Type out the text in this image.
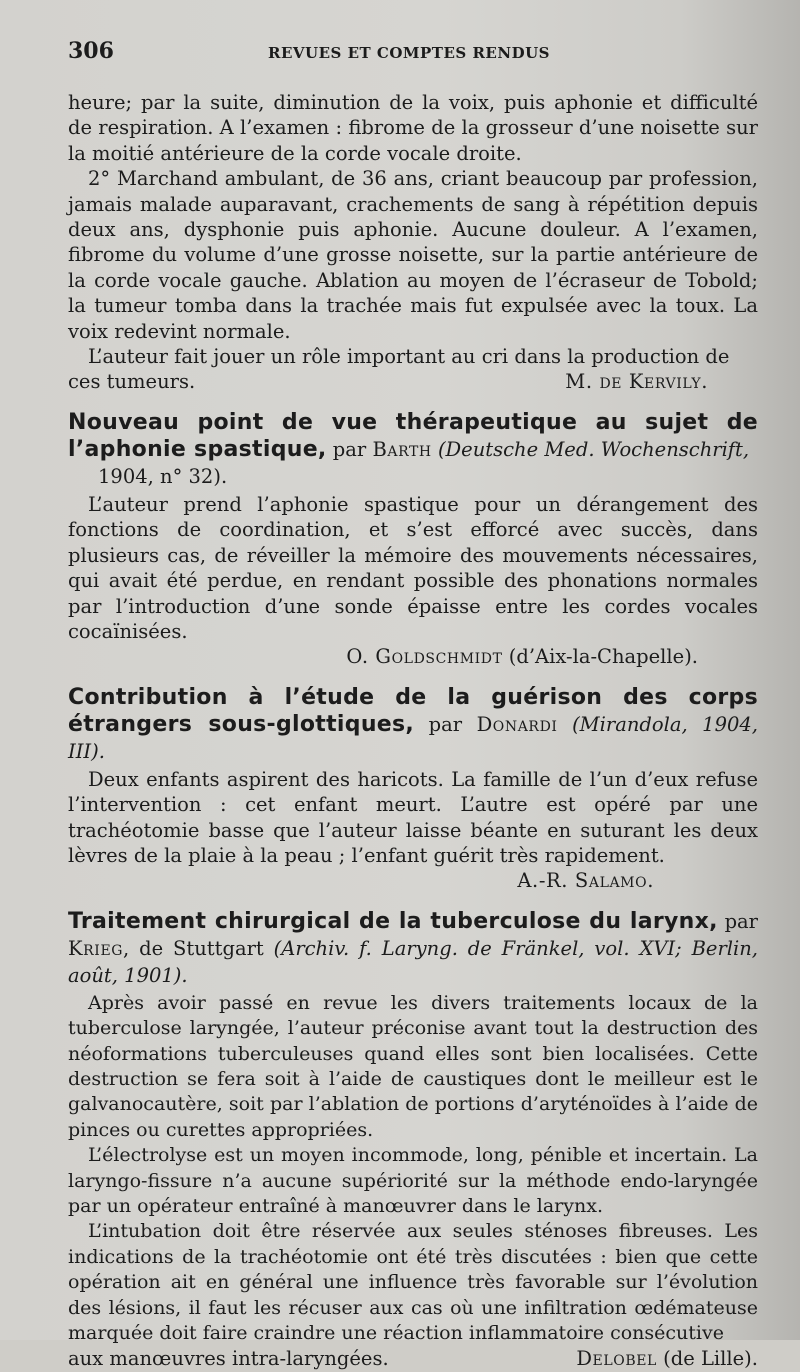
306	REVUES ET COMPTES RENDUS

heure; par la suite, diminution de la voix, puis aphonie et difficulté de respiration. A l’examen : fibrome de la grosseur d’une noisette sur la moitié antérieure de la corde vocale droite.

2° Marchand ambulant, de 36 ans, criant beaucoup par profession, jamais malade auparavant, crachements de sang à répétition depuis deux ans, dysphonie puis aphonie. Aucune douleur. A l’examen, fibrome du volume d’une grosse noisette, sur la partie antérieure de la corde vocale gauche. Ablation au moyen de l’écraseur de Tobold; la tumeur tomba dans la trachée mais fut expulsée avec la toux. La voix redevint normale.

L’auteur fait jouer un rôle important au cri dans la production de

ces tumeurs.	M. de Kervily.
Nouveau point de vue thérapeutique au sujet de l’aphonie spastique, par Barth (Deutsche Med. Wochenschrift,
1904, n° 32).

L’auteur prend l’aphonie spastique pour un dérangement des fonctions de coordination, et s’est efforcé avec succès, dans plusieurs cas, de réveiller la mémoire des mouvements nécessaires, qui avait été perdue, en rendant possible des phonations normales par l’introduction d’une sonde épaisse entre les cordes vocales cocaïnisées.

O. Goldschmidt (d’Aix-la-Chapelle).
Contribution à l’étude de la guérison des corps étrangers sous-glottiques, par Donardi (Mirandola, 1904, III).

Deux enfants aspirent des haricots. La famille de l’un d’eux refuse l’intervention : cet enfant meurt. L’autre est opéré par une trachéotomie basse que l’auteur laisse béante en suturant les deux lèvres de la plaie à la peau ; l’enfant guérit très rapidement.

A.-R. Salamo.
Traitement chirurgical de la tuberculose du larynx, par Krieg, de Stuttgart (Archiv. f. Laryng. de Fränkel, vol. XVI; Berlin, août, 1901).

Après avoir passé en revue les divers traitements locaux de la tuberculose laryngée, l’auteur préconise avant tout la destruction des néoformations tuberculeuses quand elles sont bien localisées. Cette destruction se fera soit à l’aide de caustiques dont le meilleur est le galvanocautère, soit par l’ablation de portions d’aryténoïdes à l’aide de pinces ou curettes appropriées.

L’électrolyse est un moyen incommode, long, pénible et incertain. La laryngo-fissure n’a aucune supériorité sur la méthode endo-laryngée par un opérateur entraîné à manœuvrer dans le larynx.

L’intubation doit être réservée aux seules sténoses fibreuses. Les indications de la trachéotomie ont été très discutées : bien que cette opération ait en général une influence très favorable sur l’évolution des lésions, il faut les récuser aux cas où une infiltration œdémateuse marquée doit faire craindre une réaction inflammatoire consécutive

aux manœuvres intra-laryngées.	Delobel (de Lille).
